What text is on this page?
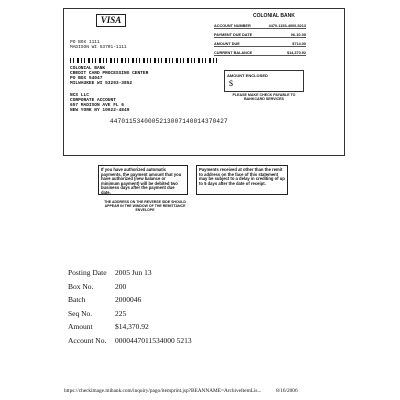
VISA
PO BOX 1111
MADISON WI 53701-1111
COLONIAL BANK
CREDIT CARD PROCESSING CENTER
PO BOX 54047
MILWAUKEE WI 53293-3852
NCS LLC
CORPORATE ACCOUNT
657 MADISON AVE FL 6
NEW YORK NY 10022-4849
COLONIAL BANK
ACCOUNT NUMBER	4470-1153-4000-5213
PAYMENT DUE DATE	06-10-05
AMOUNT DUE	$714.00
CURRENT BALANCE	$14,370.92
AMOUNT ENCLOSED
$
PLEASE MAKE CHECK PAYABLE TO BANKCARD SERVICES
4470115340005213007140014370427
If you have authorized automatic payments, the payment amount that you have authorized (new balance or minimum payment) will be debited two business days after the payment due date.
Payments received at other than the remit to address on the face of this statement may be subject to a delay in crediting of up to 5 days after the date of receipt.
THE ADDRESS ON THE REVERSE SIDE SHOULD APPEAR IN THE WINDOW OF THE REMITTANCE ENVELOPE
Posting Date	2005 Jun 13
Box No.	200
Batch	2000046
Seq No.	225
Amount	$14,370.92
Account No.	0000447011534000 5213
https://checkimage.mibank.com/inquiry/pago/itemprint.jsp?BEANNAME=ArchiveItemLis...	8/16/2006
